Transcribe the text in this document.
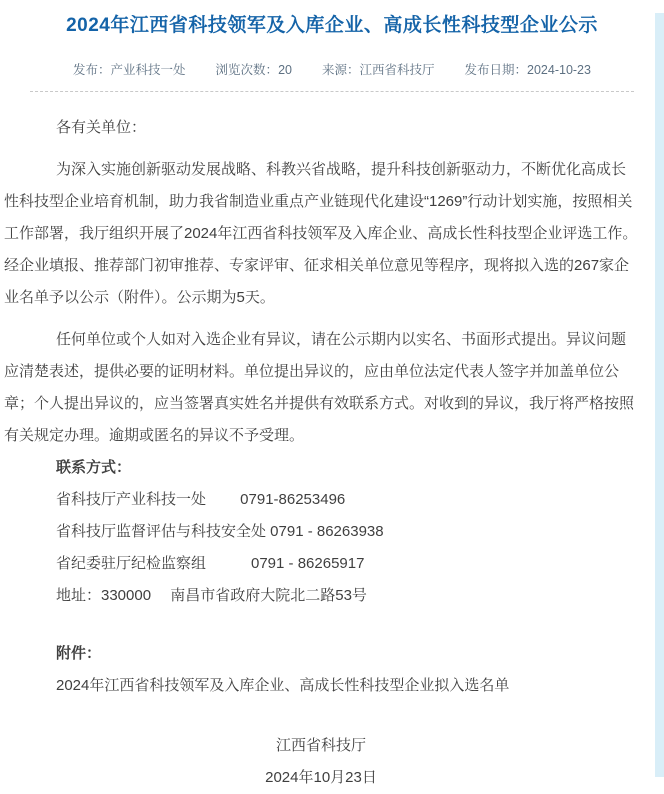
2024年江西省科技领军及入库企业、高成长性科技型企业公示
发布：产业科技一处 浏览次数：20 来源：江西省科技厅 发布日期：2024-10-23

各有关单位：

为深入实施创新驱动发展战略、科教兴省战略，提升科技创新驱动力，不断优化高成长性科技型企业培育机制，助力我省制造业重点产业链现代化建设“1269”行动计划实施，按照相关工作部署，我厅组织开展了2024年江西省科技领军及入库企业、高成长性科技型企业评选工作。经企业填报、推荐部门初审推荐、专家评审、征求相关单位意见等程序，现将拟入选的267家企业名单予以公示（附件）。公示期为5天。

任何单位或个人如对入选企业有异议，请在公示期内以实名、书面形式提出。异议问题应清楚表述，提供必要的证明材料。单位提出异议的，应由单位法定代表人签字并加盖单位公章；个人提出异议的，应当签署真实姓名并提供有效联系方式。对收到的异议，我厅将严格按照有关规定办理。逾期或匿名的异议不予受理。

联系方式：

省科技厅产业科技一处　　 0791-86253496

省科技厅监督评估与科技安全处 0791 - 86263938

省纪委驻厅纪检监察组　　　0791 - 86265917

地址：330000　 南昌市省政府大院北二路53号

附件：

2024年江西省科技领军及入库企业、高成长性科技型企业拟入选名单

江西省科技厅

2024年10月23日
